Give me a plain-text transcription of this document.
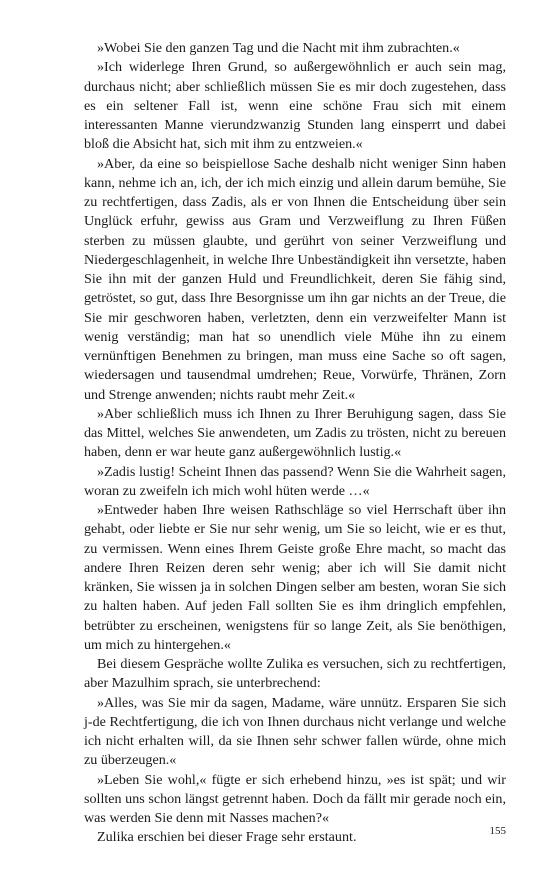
»Wobei Sie den ganzen Tag und die Nacht mit ihm zubrachten.«

»Ich widerlege Ihren Grund, so außergewöhnlich er auch sein mag, durchaus nicht; aber schließlich müssen Sie es mir doch zugestehen, dass es ein seltener Fall ist, wenn eine schöne Frau sich mit einem interessanten Manne vierundzwanzig Stunden lang einsperrt und dabei bloß die Absicht hat, sich mit ihm zu entzweien.«

»Aber, da eine so beispiellose Sache deshalb nicht weniger Sinn haben kann, nehme ich an, ich, der ich mich einzig und allein darum bemühe, Sie zu rechtfertigen, dass Zadis, als er von Ihnen die Entscheidung über sein Unglück erfuhr, gewiss aus Gram und Verzweiflung zu Ihren Füßen sterben zu müssen glaubte, und gerührt von seiner Verzweiflung und Niedergeschlagenheit, in welche Ihre Unbeständigkeit ihn versetzte, haben Sie ihn mit der ganzen Huld und Freundlichkeit, deren Sie fähig sind, getröstet, so gut, dass Ihre Besorgnisse um ihn gar nichts an der Treue, die Sie mir geschworen haben, verletzten, denn ein verzweifelter Mann ist wenig verständig; man hat so unendlich viele Mühe ihn zu einem vernünftigen Benehmen zu bringen, man muss eine Sache so oft sagen, wiedersagen und tausendmal umdrehen; Reue, Vorwürfe, Thränen, Zorn und Strenge anwenden; nichts raubt mehr Zeit.«

»Aber schließlich muss ich Ihnen zu Ihrer Beruhigung sagen, dass Sie das Mittel, welches Sie anwendeten, um Zadis zu trösten, nicht zu bereuen haben, denn er war heute ganz außergewöhnlich lustig.«

»Zadis lustig! Scheint Ihnen das passend? Wenn Sie die Wahrheit sagen, woran zu zweifeln ich mich wohl hüten werde …«

»Entweder haben Ihre weisen Rathschläge so viel Herrschaft über ihn gehabt, oder liebte er Sie nur sehr wenig, um Sie so leicht, wie er es thut, zu vermissen. Wenn eines Ihrem Geiste große Ehre macht, so macht das andere Ihren Reizen deren sehr wenig; aber ich will Sie damit nicht kränken, Sie wissen ja in solchen Dingen selber am besten, woran Sie sich zu halten haben. Auf jeden Fall sollten Sie es ihm dringlich empfehlen, betrübter zu erscheinen, wenigstens für so lange Zeit, als Sie benöthigen, um mich zu hintergehen.«

Bei diesem Gespräche wollte Zulika es versuchen, sich zu rechtfertigen, aber Mazulhim sprach, sie unterbrechend:

»Alles, was Sie mir da sagen, Madame, wäre unnütz. Ersparen Sie sich j-de Rechtfertigung, die ich von Ihnen durchaus nicht verlange und welche ich nicht erhalten will, da sie Ihnen sehr schwer fallen würde, ohne mich zu überzeugen.«

»Leben Sie wohl,« fügte er sich erhebend hinzu, »es ist spät; und wir sollten uns schon längst getrennt haben. Doch da fällt mir gerade noch ein, was werden Sie denn mit Nasses machen?«

Zulika erschien bei dieser Frage sehr erstaunt.	155
